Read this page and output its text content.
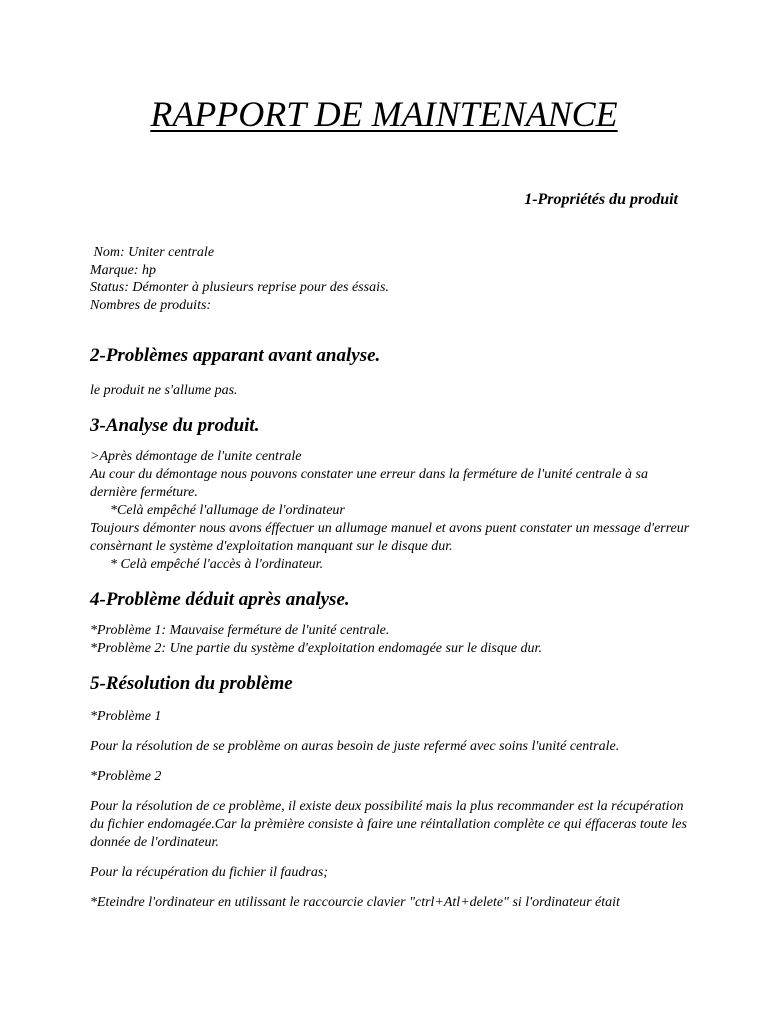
RAPPORT DE MAINTENANCE
1-Propriétés du produit
Nom: Uniter centrale
Marque: hp
Status: Démonter à plusieurs reprise pour des éssais.
Nombres de produits:
2-Problèmes apparant avant analyse.

le produit ne s'allume pas.

3-Analyse du produit.

>Après démontage de l'unite centrale

Au cour du démontage nous pouvons constater une erreur dans la ferméture de l'unité centrale à sa dernière ferméture.

*Celà empêché l'allumage de l'ordinateur

Toujours démonter nous avons éffectuer un allumage manuel et avons puent constater un message d'erreur consèrnant le système d'exploitation manquant sur le disque dur.

* Celà empêché l'accès à l'ordinateur.

4-Problème déduit après analyse.

*Problème 1: Mauvaise ferméture de l'unité centrale.

*Problème 2: Une partie du système d'exploitation endomagée sur le disque dur.

5-Résolution du problème

*Problème 1

Pour la résolution de se problème on auras besoin de juste refermé avec soins l'unité centrale.

*Problème 2

Pour la résolution de ce problème, il existe deux possibilité mais la plus recommander est la récupération du fichier endomagée.Car la prèmière consiste à faire une réintallation complète ce qui éffaceras toute les donnée de l'ordinateur.

Pour la récupération du fichier il faudras;

*Eteindre l'ordinateur en utilissant le raccourcie clavier "ctrl+Atl+delete" si l'ordinateur était
